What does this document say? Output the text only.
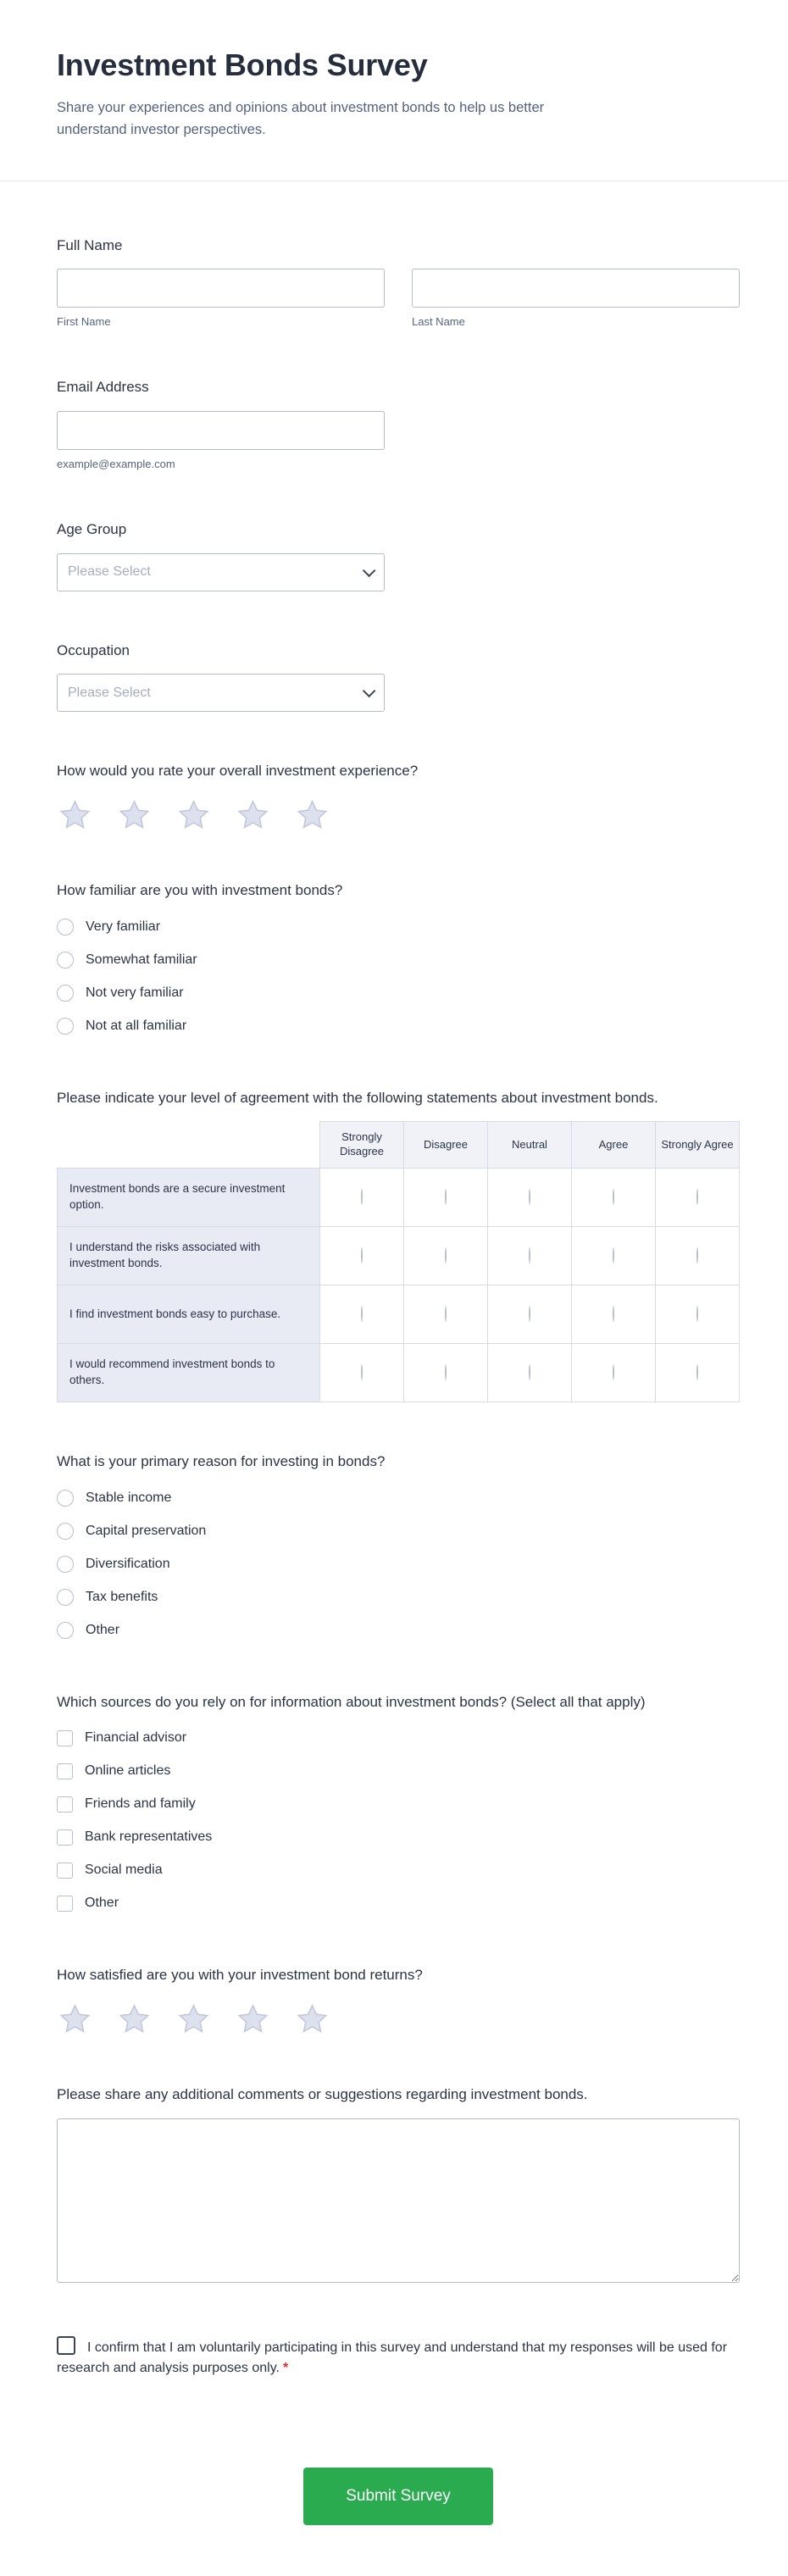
Investment Bonds Survey

Share your experiences and opinions about investment bonds to help us better understand investor perspectives.

Full Name
First Name	Last Name
Email Address
example@example.com
Age Group
Please Select
Occupation
Please Select
How would you rate your overall investment experience?
How familiar are you with investment bonds?
Very familiar
Somewhat familiar
Not very familiar
Not at all familiar
Please indicate your level of agreement with the following statements about investment bonds.
	Strongly Disagree	Disagree	Neutral	Agree	Strongly Agree
Investment bonds are a secure investment option.					
I understand the risks associated with investment bonds.					
I find investment bonds easy to purchase.					
I would recommend investment bonds to others.					
What is your primary reason for investing in bonds?
Stable income
Capital preservation
Diversification
Tax benefits
Other
Which sources do you rely on for information about investment bonds? (Select all that apply)
Financial advisor
Online articles
Friends and family
Bank representatives
Social media
Other
How satisfied are you with your investment bond returns?
Please share any additional comments or suggestions regarding investment bonds.

I confirm that I am voluntarily participating in this survey and understand that my responses will be used for research and analysis purposes only. *

Submit Survey
